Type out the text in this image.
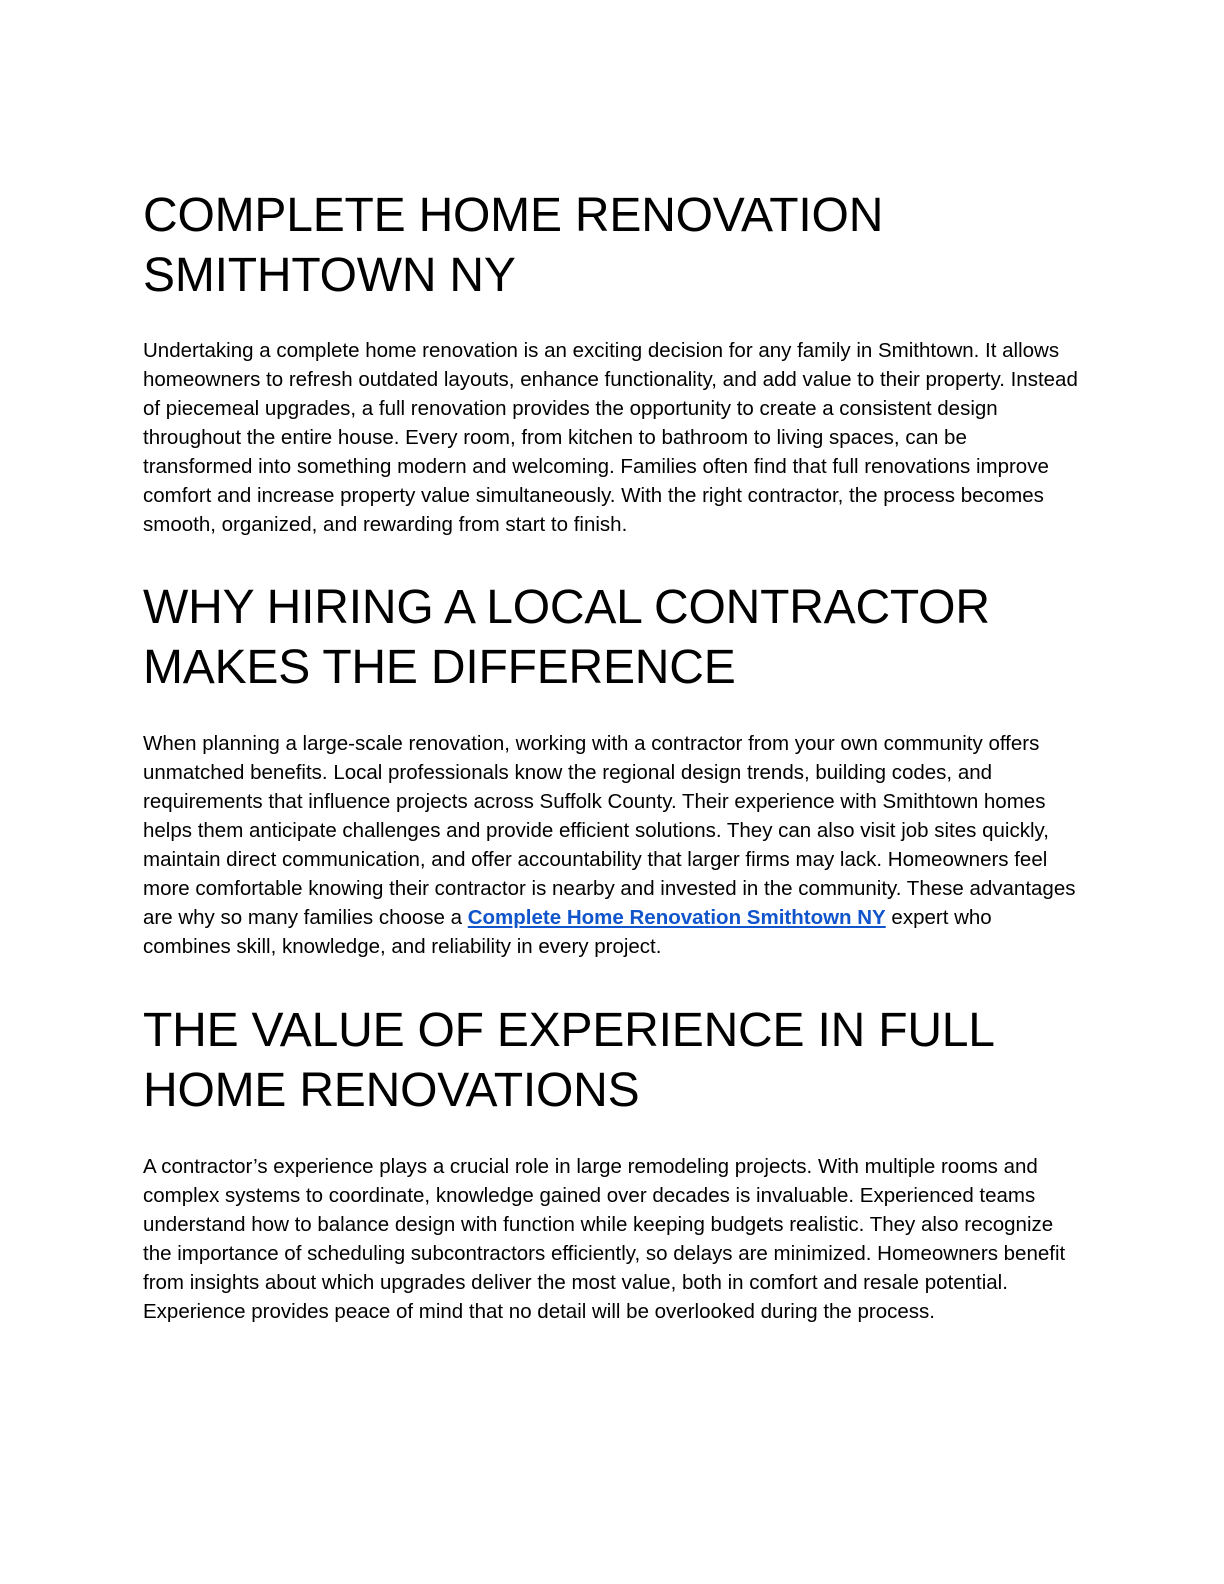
COMPLETE HOME RENOVATION SMITHTOWN NY

Undertaking a complete home renovation is an exciting decision for any family in Smithtown. It allows homeowners to refresh outdated layouts, enhance functionality, and add value to their property. Instead of piecemeal upgrades, a full renovation provides the opportunity to create a consistent design throughout the entire house. Every room, from kitchen to bathroom to living spaces, can be transformed into something modern and welcoming. Families often find that full renovations improve comfort and increase property value simultaneously. With the right contractor, the process becomes smooth, organized, and rewarding from start to finish.

WHY HIRING A LOCAL CONTRACTOR MAKES THE DIFFERENCE

When planning a large-scale renovation, working with a contractor from your own community offers unmatched benefits. Local professionals know the regional design trends, building codes, and requirements that influence projects across Suffolk County. Their experience with Smithtown homes helps them anticipate challenges and provide efficient solutions. They can also visit job sites quickly, maintain direct communication, and offer accountability that larger firms may lack. Homeowners feel more comfortable knowing their contractor is nearby and invested in the community. These advantages are why so many families choose a Complete Home Renovation Smithtown NY expert who combines skill, knowledge, and reliability in every project.

THE VALUE OF EXPERIENCE IN FULL HOME RENOVATIONS

A contractor’s experience plays a crucial role in large remodeling projects. With multiple rooms and complex systems to coordinate, knowledge gained over decades is invaluable. Experienced teams understand how to balance design with function while keeping budgets realistic. They also recognize the importance of scheduling subcontractors efficiently, so delays are minimized. Homeowners benefit from insights about which upgrades deliver the most value, both in comfort and resale potential. Experience provides peace of mind that no detail will be overlooked during the process.
